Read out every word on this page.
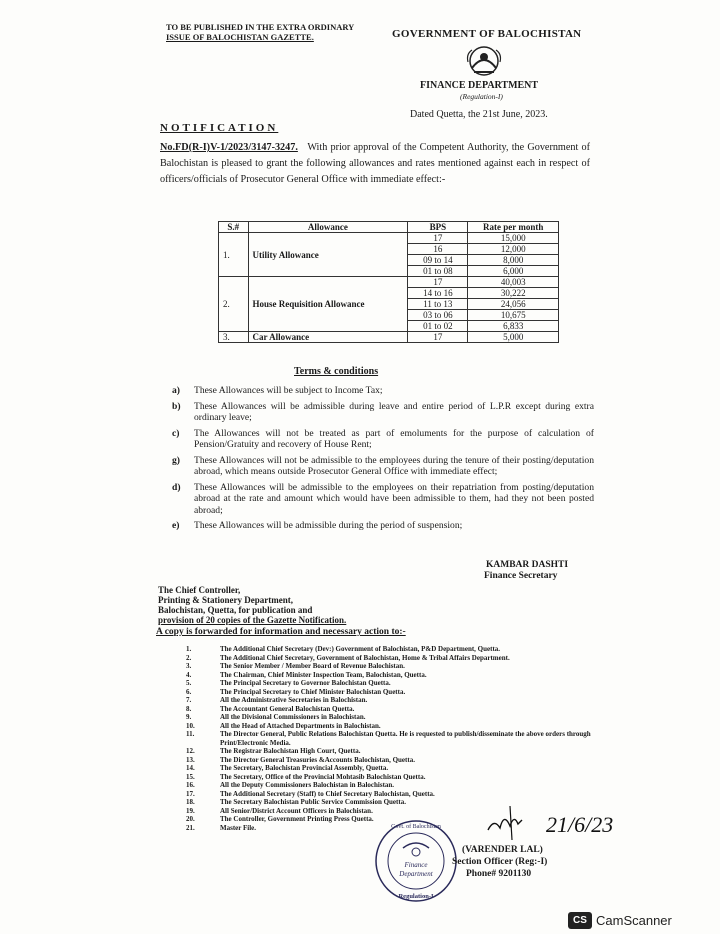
TO BE PUBLISHED IN THE EXTRA ORDINARY
ISSUE OF BALOCHISTAN GAZETTE.	GOVERNMENT OF BALOCHISTAN
FINANCE DEPARTMENT
(Regulation-I)
Dated Quetta, the 21st June, 2023.
NOTIFICATION
No.FD(R-I)V-1/2023/3147-3247. With prior approval of the Competent Authority, the Government of Balochistan is pleased to grant the following allowances and rates mentioned against each in respect of officers/officials of Prosecutor General Office with immediate effect:-
S.#	Allowance	BPS	Rate per month
1.	Utility Allowance	17	15,000
		16	12,000
		09 to 14	8,000
		01 to 08	6,000
2.	House Requisition Allowance	17	40,003
		14 to 16	30,222
		11 to 13	24,056
		03 to 06	10,675
		01 to 02	6,833
3.	Car Allowance	17	5,000
Terms & conditions
a)	These Allowances will be subject to Income Tax;
b)	These Allowances will be admissible during leave and entire period of L.P.R except during extra ordinary leave;
c)	The Allowances will not be treated as part of emoluments for the purpose of calculation of Pension/Gratuity and recovery of House Rent;
g)	These Allowances will not be admissible to the employees during the tenure of their posting/deputation abroad, which means outside Prosecutor General Office with immediate effect;
d)	These Allowances will be admissible to the employees on their repatriation from posting/deputation abroad at the rate and amount which would have been admissible to them, had they not been posted abroad;
e)	These Allowances will be admissible during the period of suspension;
KAMBAR DASHTI
Finance Secretary
The Chief Controller,
Printing & Stationery Department,
Balochistan, Quetta, for publication and
provision of 20 copies of the Gazette Notification.
A copy is forwarded for information and necessary action to:-
1.	The Additional Chief Secretary (Dev:) Government of Balochistan, P&D Department, Quetta.
2.	The Additional Chief Secretary, Government of Balochistan, Home & Tribal Affairs Department.
3.	The Senior Member / Member Board of Revenue Balochistan.
4.	The Chairman, Chief Minister Inspection Team, Balochistan, Quetta.
5.	The Principal Secretary to Governor Balochistan Quetta.
6.	The Principal Secretary to Chief Minister Balochistan Quetta.
7.	All the Administrative Secretaries in Balochistan.
8.	The Accountant General Balochistan Quetta.
9.	All the Divisional Commissioners in Balochistan.
10.	All the Head of Attached Departments in Balochistan.
11.	The Director General, Public Relations Balochistan Quetta. He is requested to publish/disseminate the above orders through Print/Electronic Media.
12.	The Registrar Balochistan High Court, Quetta.
13.	The Director General Treasuries &Accounts Balochistan, Quetta.
14.	The Secretary, Balochistan Provincial Assembly, Quetta.
15.	The Secretary, Office of the Provincial Mohtasib Balochistan Quetta.
16.	All the Deputy Commissioners Balochistan in Balochistan.
17.	The Additional Secretary (Staff) to Chief Secretary Balochistan, Quetta.
18.	The Secretary Balochistan Public Service Commission Quetta.
19.	All Senior/District Account Officers in Balochistan.
20.	The Controller, Government Printing Press Quetta.
21.	Master File.	Govt. of Balochistan
Finance
Department
Regulation-I
21/6/23
(VARENDER LAL)
Section Officer (Reg:-I)
Phone# 9201130
CS CamScanner
